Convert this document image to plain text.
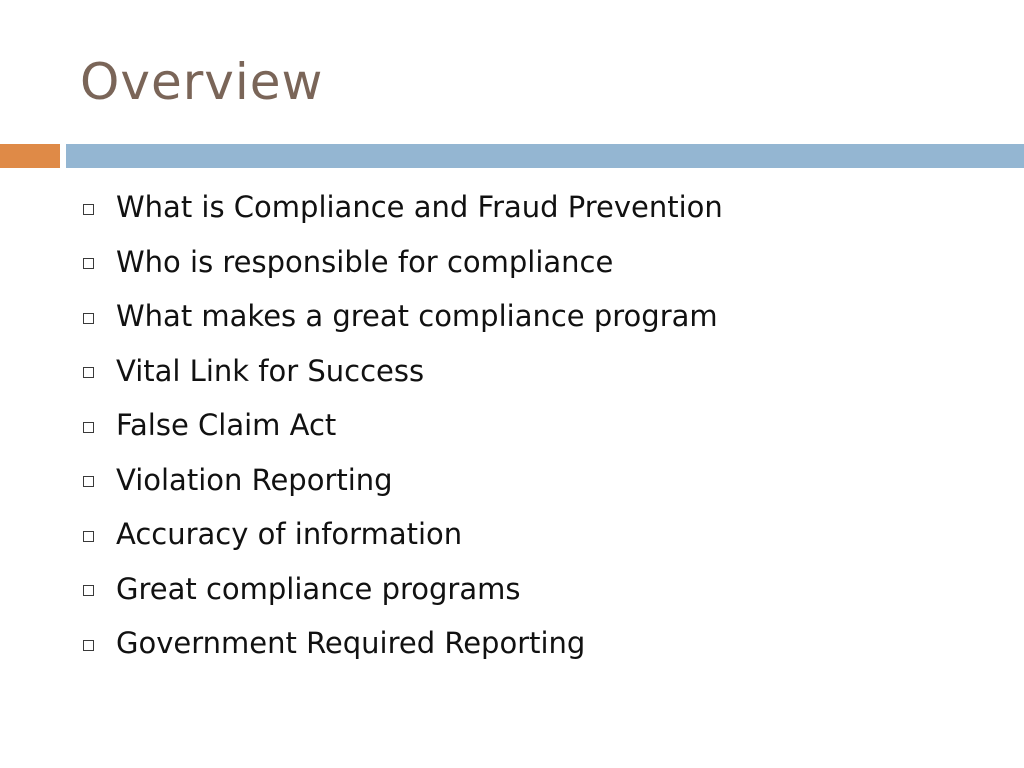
Overview
What is Compliance and Fraud Prevention
Who is responsible for compliance
What makes a great compliance program
Vital Link for Success
False Claim Act
Violation Reporting
Accuracy of information
Great compliance programs
Government Required Reporting
